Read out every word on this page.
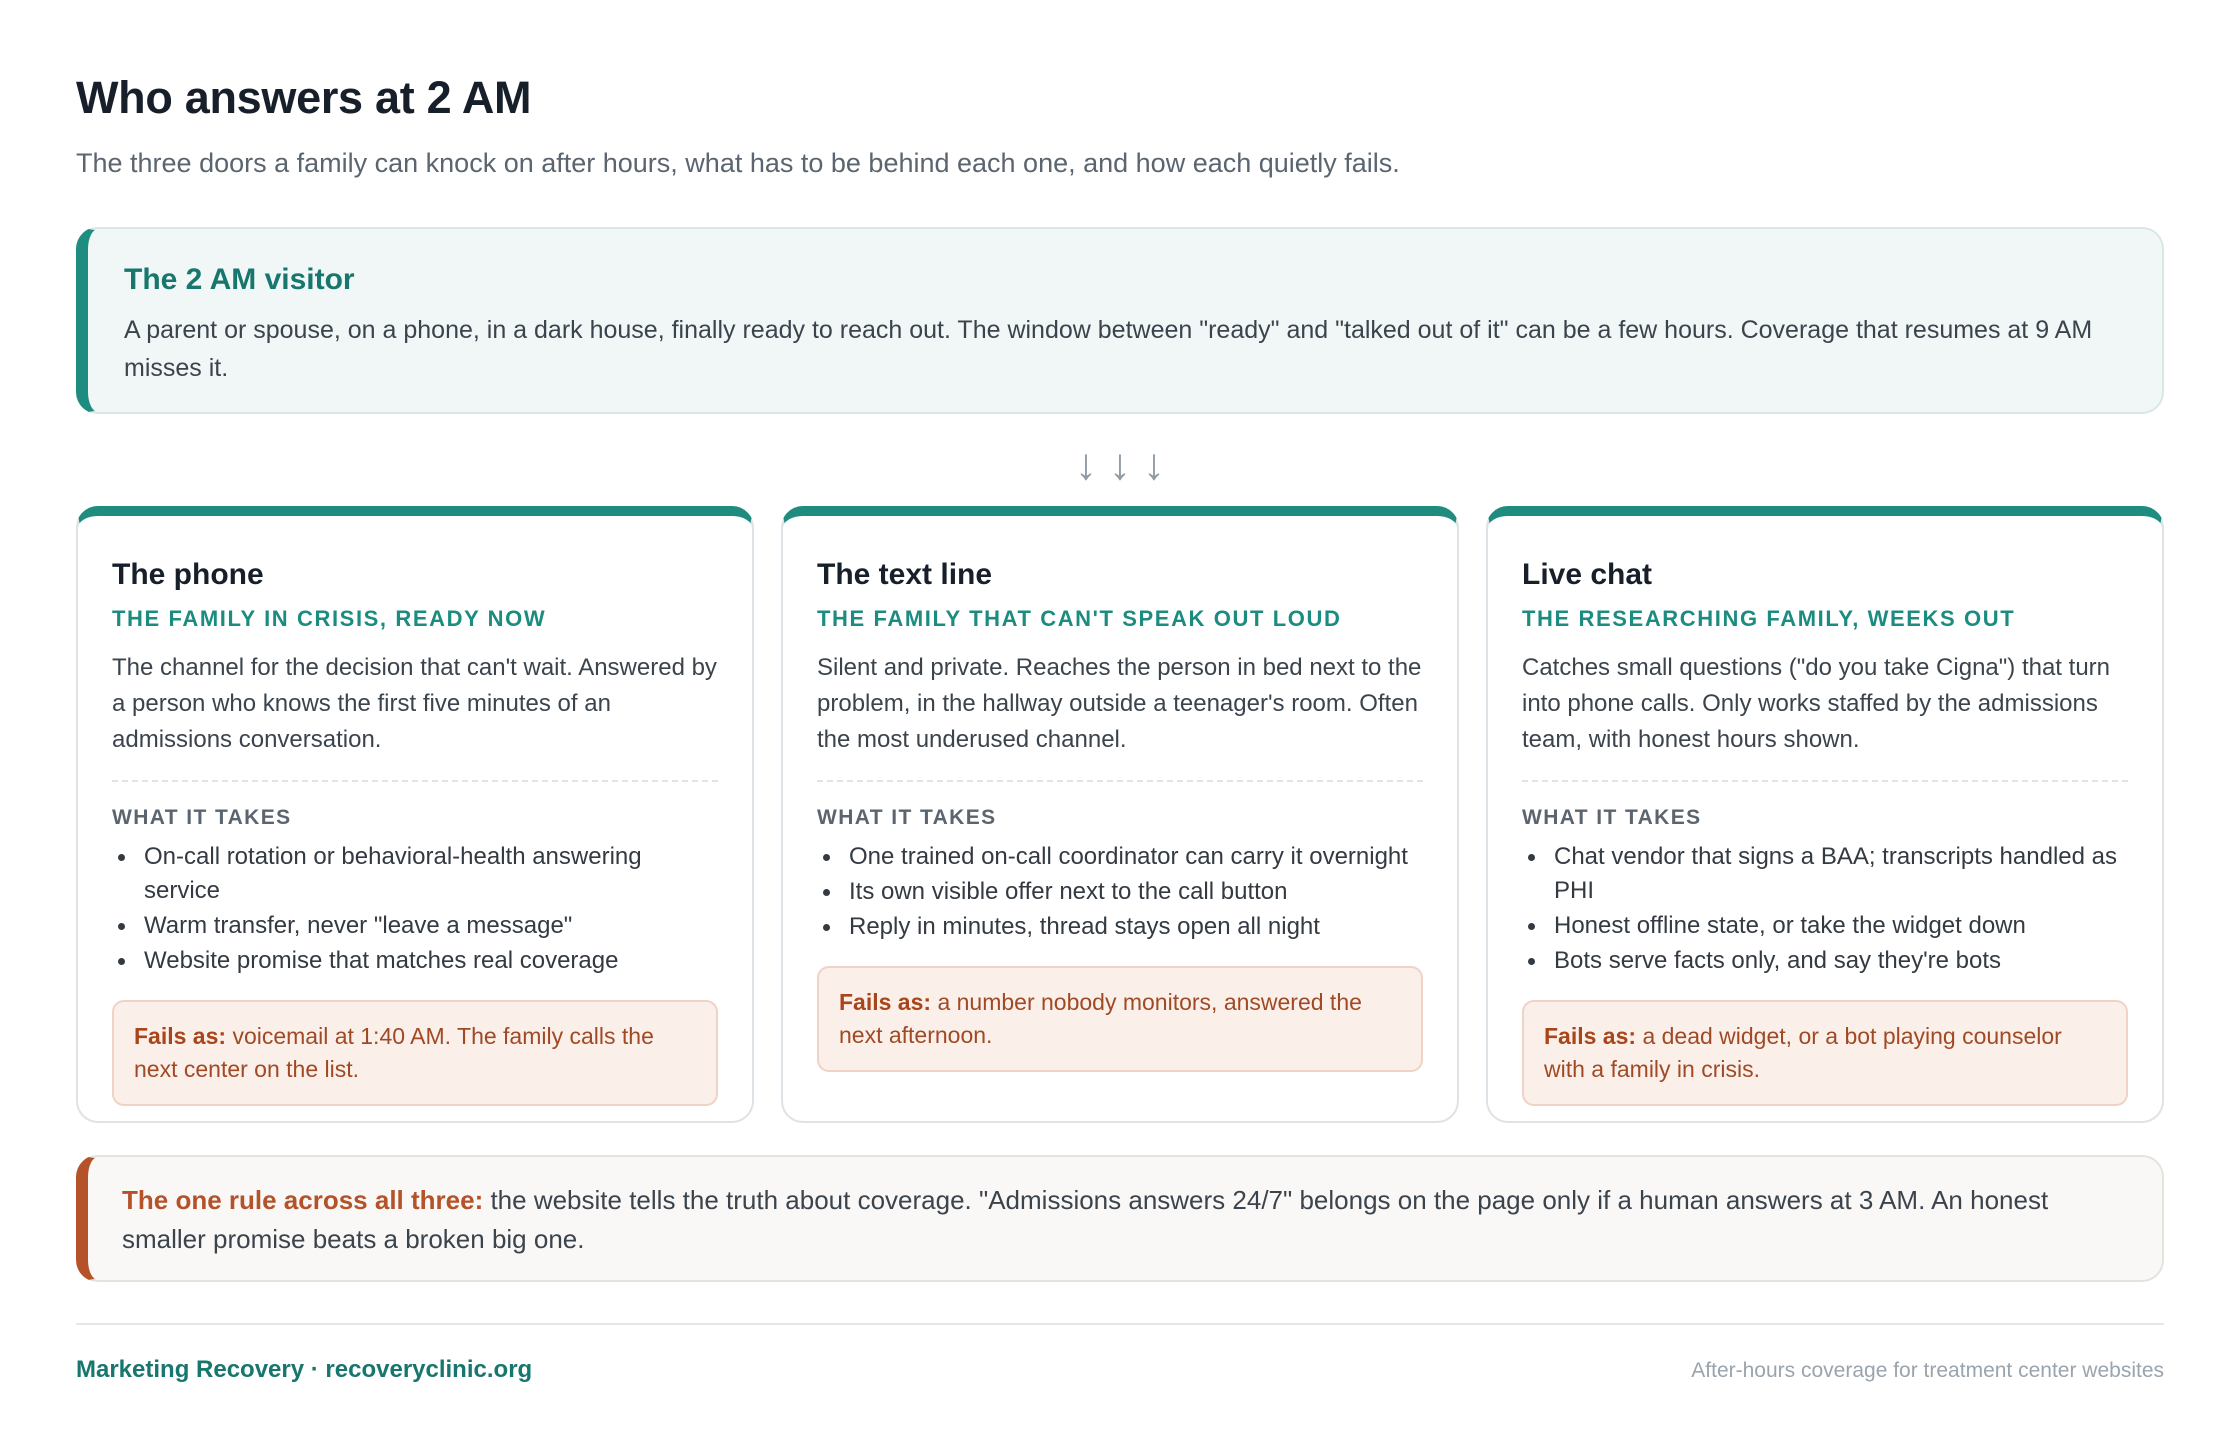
Who answers at 2 AM

The three doors a family can knock on after hours, what has to be behind each one, and how each quietly fails.

The 2 AM visitor
A parent or spouse, on a phone, in a dark house, finally ready to reach out. The window between "ready" and "talked out of it" can be a few hours. Coverage that resumes at 9 AM misses it.
↓↓↓
The phone
THE FAMILY IN CRISIS, READY NOW
The channel for the decision that can't wait. Answered by a person who knows the first five minutes of an admissions conversation.
WHAT IT TAKES
On-call rotation or behavioral-health answering service
Warm transfer, never "leave a message"
Website promise that matches real coverage
Fails as: voicemail at 1:40 AM. The family calls the next center on the list.
The text line
THE FAMILY THAT CAN'T SPEAK OUT LOUD
Silent and private. Reaches the person in bed next to the problem, in the hallway outside a teenager's room. Often the most underused channel.
WHAT IT TAKES
One trained on-call coordinator can carry it overnight
Its own visible offer next to the call button
Reply in minutes, thread stays open all night
Fails as: a number nobody monitors, answered the next afternoon.
Live chat
THE RESEARCHING FAMILY, WEEKS OUT
Catches small questions ("do you take Cigna") that turn into phone calls. Only works staffed by the admissions team, with honest hours shown.
WHAT IT TAKES
Chat vendor that signs a BAA; transcripts handled as PHI
Honest offline state, or take the widget down
Bots serve facts only, and say they're bots
Fails as: a dead widget, or a bot playing counselor with a family in crisis.
The one rule across all three: the website tells the truth about coverage. "Admissions answers 24/7" belongs on the page only if a human answers at 3 AM. An honest smaller promise beats a broken big one.
Marketing Recovery · recoveryclinic.org	After-hours coverage for treatment center websites
